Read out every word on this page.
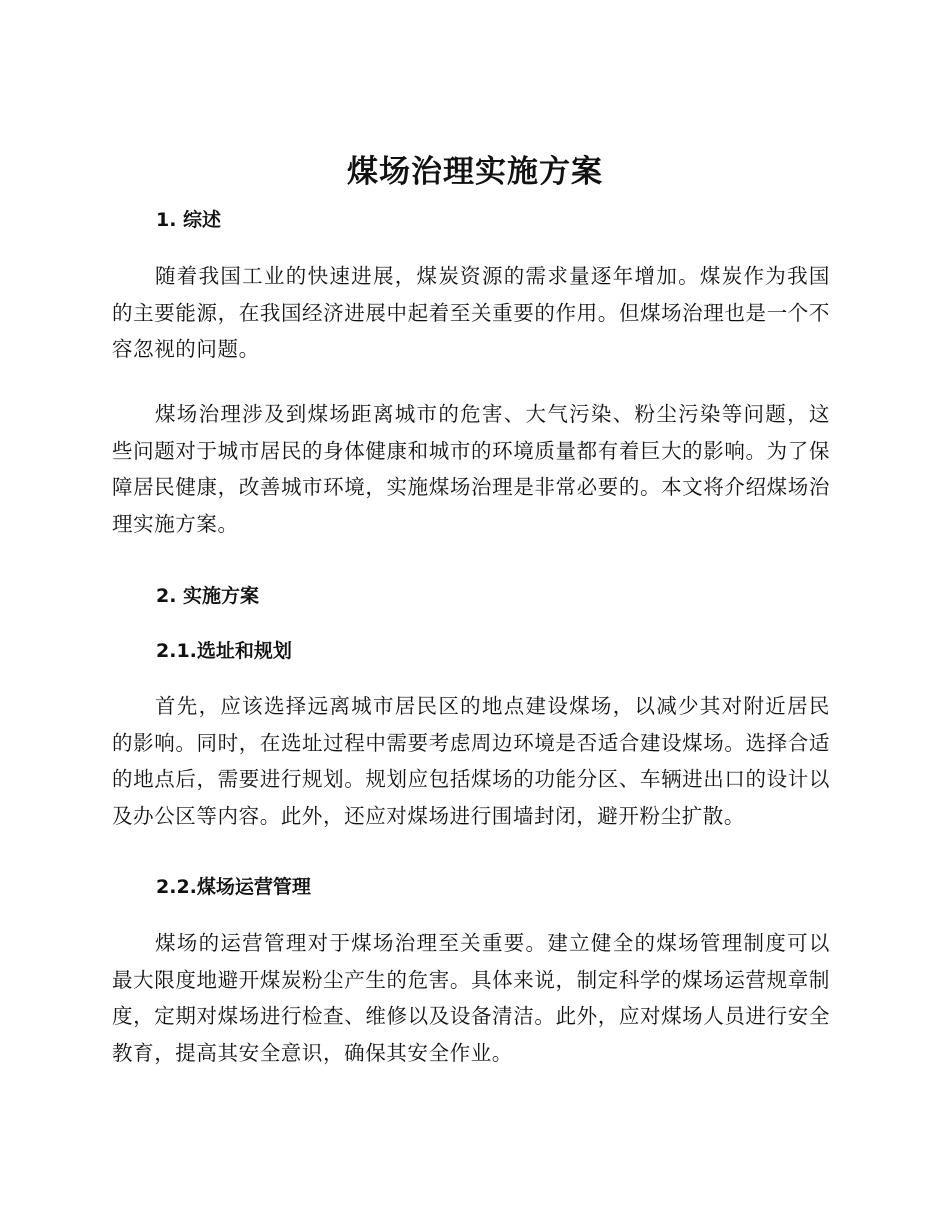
煤场治理实施方案
1. 综述

随着我国工业的快速进展，煤炭资源的需求量逐年增加。煤炭作为我国的主要能源，在我国经济进展中起着至关重要的作用。但煤场治理也是一个不容忽视的问题。

煤场治理涉及到煤场距离城市的危害、大气污染、粉尘污染等问题，这些问题对于城市居民的身体健康和城市的环境质量都有着巨大的影响。为了保障居民健康，改善城市环境，实施煤场治理是非常必要的。本文将介绍煤场治理实施方案。

2. 实施方案
2.1.选址和规划

首先，应该选择远离城市居民区的地点建设煤场，以减少其对附近居民的影响。同时，在选址过程中需要考虑周边环境是否适合建设煤场。选择合适的地点后，需要进行规划。规划应包括煤场的功能分区、车辆进出口的设计以及办公区等内容。此外，还应对煤场进行围墙封闭，避开粉尘扩散。

2.2.煤场运营管理

煤场的运营管理对于煤场治理至关重要。建立健全的煤场管理制度可以最大限度地避开煤炭粉尘产生的危害。具体来说，制定科学的煤场运营规章制度，定期对煤场进行检查、维修以及设备清洁。此外，应对煤场人员进行安全教育，提高其安全意识，确保其安全作业。
